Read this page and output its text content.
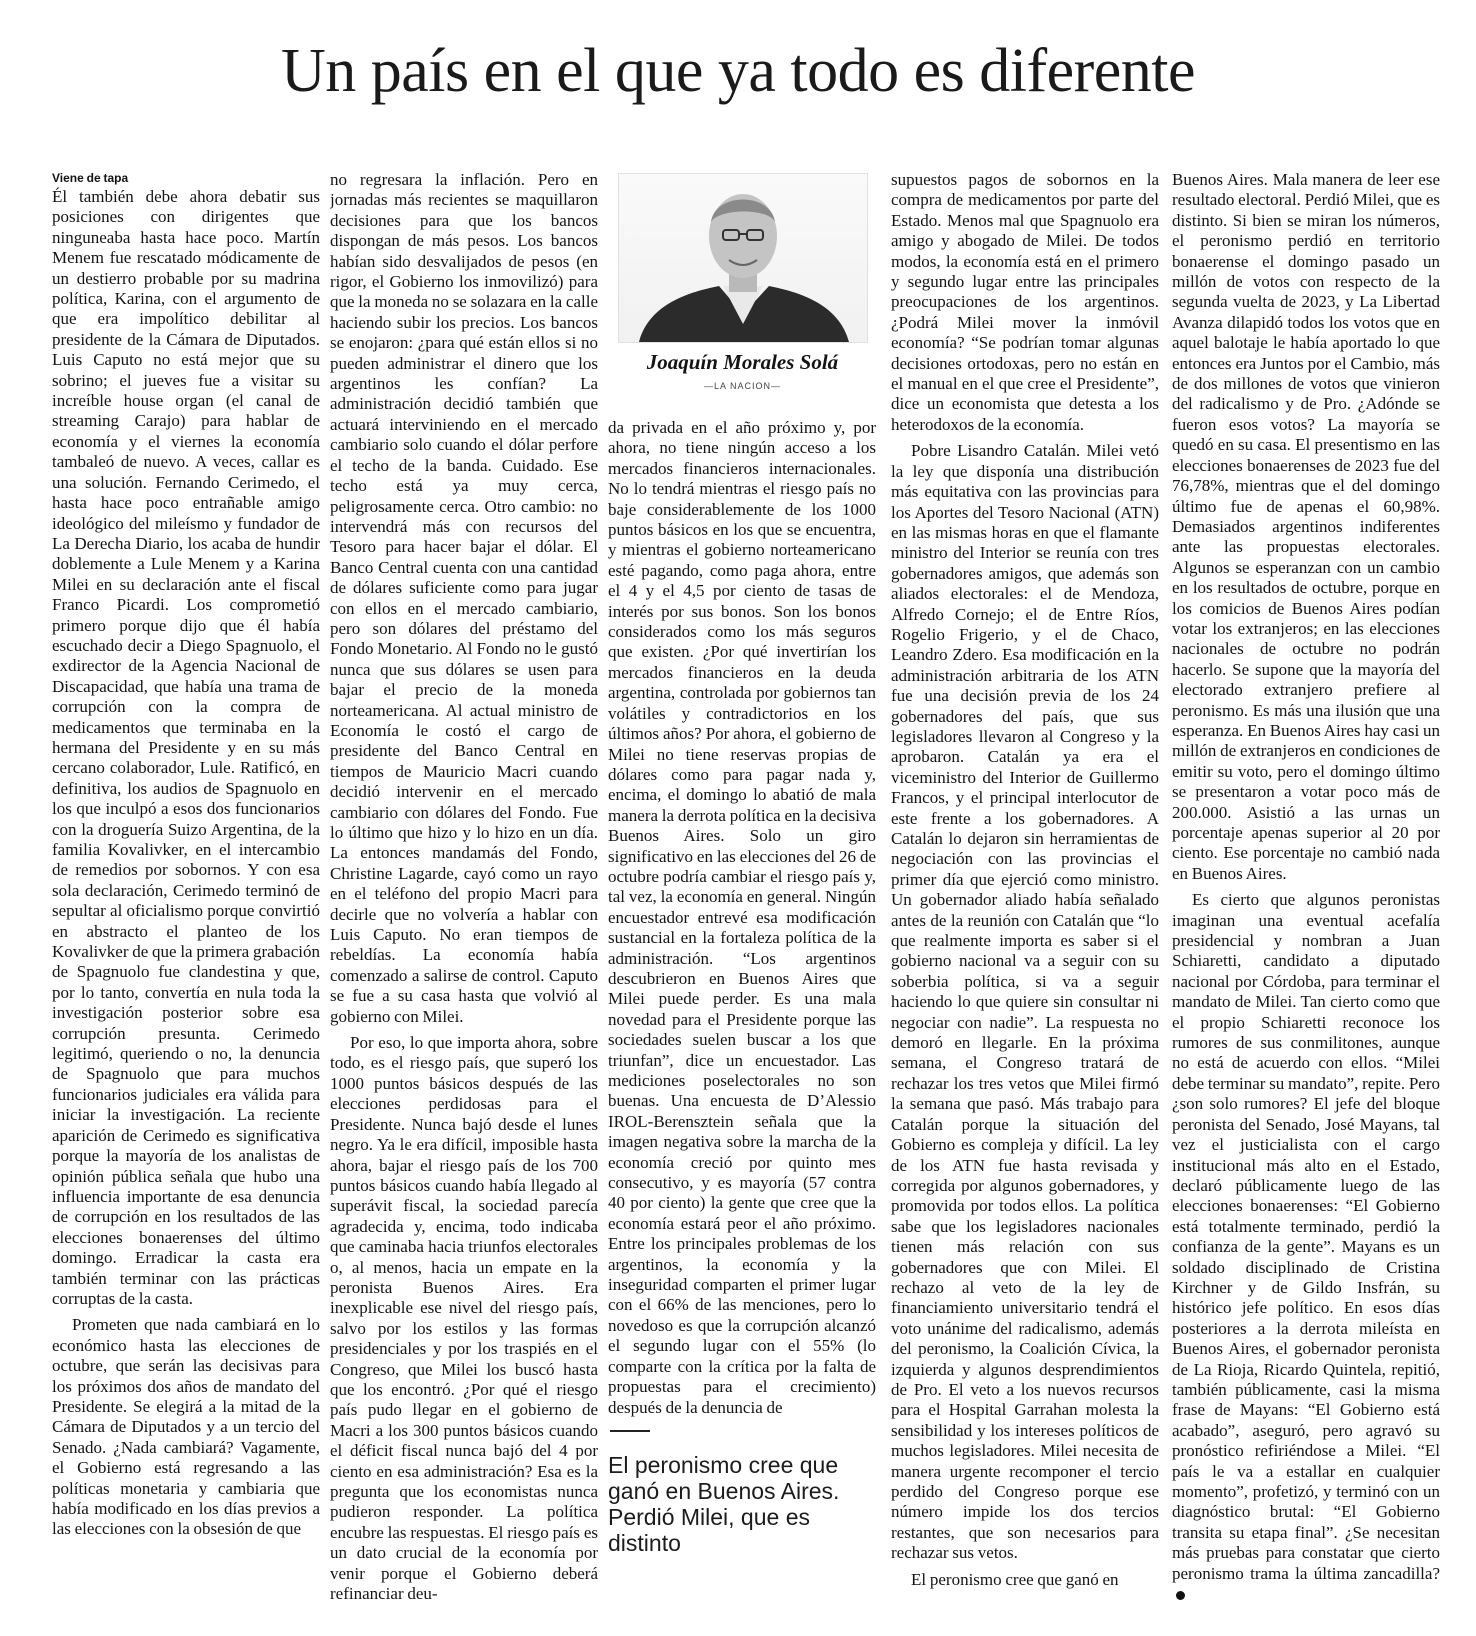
Un país en el que ya todo es diferente
Viene de tapa

Él también debe ahora debatir sus posiciones con dirigentes que ninguneaba hasta hace poco. Martín Menem fue rescatado módicamente de un destierro probable por su madrina política, Karina, con el argumento de que era impolítico debilitar al presidente de la Cámara de Diputados. Luis Caputo no está mejor que su sobrino; el jueves fue a visitar su increíble house organ (el canal de streaming Carajo) para hablar de economía y el viernes la economía tambaleó de nuevo. A veces, callar es una solución. Fernando Cerimedo, el hasta hace poco entrañable amigo ideológico del mileísmo y fundador de La Derecha Diario, los acaba de hundir doblemente a Lule Menem y a Karina Milei en su declaración ante el fiscal Franco Picardi. Los comprometió primero porque dijo que él había escuchado decir a Diego Spagnuolo, el exdirector de la Agencia Nacional de Discapacidad, que había una trama de corrupción con la compra de medicamentos que terminaba en la hermana del Presidente y en su más cercano colaborador, Lule. Ratificó, en definitiva, los audios de Spagnuolo en los que inculpó a esos dos funcionarios con la droguería Suizo Argentina, de la familia Kovalivker, en el intercambio de remedios por sobornos. Y con esa sola declaración, Cerimedo terminó de sepultar al oficialismo porque convirtió en abstracto el planteo de los Kovalivker de que la primera grabación de Spagnuolo fue clandestina y que, por lo tanto, convertía en nula toda la investigación posterior sobre esa corrupción presunta. Cerimedo legitimó, queriendo o no, la denuncia de Spagnuolo que para muchos funcionarios judiciales era válida para iniciar la investigación. La reciente aparición de Cerimedo es significativa porque la mayoría de los analistas de opinión pública señala que hubo una influencia importante de esa denuncia de corrupción en los resultados de las elecciones bonaerenses del último domingo. Erradicar la casta era también terminar con las prácticas corruptas de la casta.

Prometen que nada cambiará en lo económico hasta las elecciones de octubre, que serán las decisivas para los próximos dos años de mandato del Presidente. Se elegirá a la mitad de la Cámara de Diputados y a un tercio del Senado. ¿Nada cambiará? Vagamente, el Gobierno está regresando a las políticas monetaria y cambiaria que había modificado en los días previos a las elecciones con la obsesión de que

no regresara la inflación. Pero en jornadas más recientes se maquillaron decisiones para que los bancos dispongan de más pesos. Los bancos habían sido desvalijados de pesos (en rigor, el Gobierno los inmovilizó) para que la moneda no se solazara en la calle haciendo subir los precios. Los bancos se enojaron: ¿para qué están ellos si no pueden administrar el dinero que los argentinos les confían? La administración decidió también que actuará interviniendo en el mercado cambiario solo cuando el dólar perfore el techo de la banda. Cuidado. Ese techo está ya muy cerca, peligrosamente cerca. Otro cambio: no intervendrá más con recursos del Tesoro para hacer bajar el dólar. El Banco Central cuenta con una cantidad de dólares suficiente como para jugar con ellos en el mercado cambiario, pero son dólares del préstamo del Fondo Monetario. Al Fondo no le gustó nunca que sus dólares se usen para bajar el precio de la moneda norteamericana. Al actual ministro de Economía le costó el cargo de presidente del Banco Central en tiempos de Mauricio Macri cuando decidió intervenir en el mercado cambiario con dólares del Fondo. Fue lo último que hizo y lo hizo en un día. La entonces mandamás del Fondo, Christine Lagarde, cayó como un rayo en el teléfono del propio Macri para decirle que no volvería a hablar con Luis Caputo. No eran tiempos de rebeldías. La economía había comenzado a salirse de control. Caputo se fue a su casa hasta que volvió al gobierno con Milei.

Por eso, lo que importa ahora, sobre todo, es el riesgo país, que superó los 1000 puntos básicos después de las elecciones perdidosas para el Presidente. Nunca bajó desde el lunes negro. Ya le era difícil, imposible hasta ahora, bajar el riesgo país de los 700 puntos básicos cuando había llegado al superávit fiscal, la sociedad parecía agradecida y, encima, todo indicaba que caminaba hacia triunfos electorales o, al menos, hacia un empate en la peronista Buenos Aires. Era inexplicable ese nivel del riesgo país, salvo por los estilos y las formas presidenciales y por los traspiés en el Congreso, que Milei los buscó hasta que los encontró. ¿Por qué el riesgo país pudo llegar en el gobierno de Macri a los 300 puntos básicos cuando el déficit fiscal nunca bajó del 4 por ciento en esa administración? Esa es la pregunta que los economistas nunca pudieron responder. La política encubre las respuestas. El riesgo país es un dato crucial de la economía por venir porque el Gobierno deberá refinanciar deu-

Joaquín Morales Solá
—LA NACION—

da privada en el año próximo y, por ahora, no tiene ningún acceso a los mercados financieros internacionales. No lo tendrá mientras el riesgo país no baje considerablemente de los 1000 puntos básicos en los que se encuentra, y mientras el gobierno norteamericano esté pagando, como paga ahora, entre el 4 y el 4,5 por ciento de tasas de interés por sus bonos. Son los bonos considerados como los más seguros que existen. ¿Por qué invertirían los mercados financieros en la deuda argentina, controlada por gobiernos tan volátiles y contradictorios en los últimos años? Por ahora, el gobierno de Milei no tiene reservas propias de dólares como para pagar nada y, encima, el domingo lo abatió de mala manera la derrota política en la decisiva Buenos Aires. Solo un giro significativo en las elecciones del 26 de octubre podría cambiar el riesgo país y, tal vez, la economía en general. Ningún encuestador entrevé esa modificación sustancial en la fortaleza política de la administración. “Los argentinos descubrieron en Buenos Aires que Milei puede perder. Es una mala novedad para el Presidente porque las sociedades suelen buscar a los que triunfan”, dice un encuestador. Las mediciones poselectorales no son buenas. Una encuesta de D’Alessio IROL-Berensztein señala que la imagen negativa sobre la marcha de la economía creció por quinto mes consecutivo, y es mayoría (57 contra 40 por ciento) la gente que cree que la economía estará peor el año próximo. Entre los principales problemas de los argentinos, la economía y la inseguridad comparten el primer lugar con el 66% de las menciones, pero lo novedoso es que la corrupción alcanzó el segundo lugar con el 55% (lo comparte con la crítica por la falta de propuestas para el crecimiento) después de la denuncia de

El peronismo cree que ganó en Buenos Aires. Perdió Milei, que es distinto

supuestos pagos de sobornos en la compra de medicamentos por parte del Estado. Menos mal que Spagnuolo era amigo y abogado de Milei. De todos modos, la economía está en el primero y segundo lugar entre las principales preocupaciones de los argentinos. ¿Podrá Milei mover la inmóvil economía? “Se podrían tomar algunas decisiones ortodoxas, pero no están en el manual en el que cree el Presidente”, dice un economista que detesta a los heterodoxos de la economía.

Pobre Lisandro Catalán. Milei vetó la ley que disponía una distribución más equitativa con las provincias para los Aportes del Tesoro Nacional (ATN) en las mismas horas en que el flamante ministro del Interior se reunía con tres gobernadores amigos, que además son aliados electorales: el de Mendoza, Alfredo Cornejo; el de Entre Ríos, Rogelio Frigerio, y el de Chaco, Leandro Zdero. Esa modificación en la administración arbitraria de los ATN fue una decisión previa de los 24 gobernadores del país, que sus legisladores llevaron al Congreso y la aprobaron. Catalán ya era el viceministro del Interior de Guillermo Francos, y el principal interlocutor de este frente a los gobernadores. A Catalán lo dejaron sin herramientas de negociación con las provincias el primer día que ejerció como ministro. Un gobernador aliado había señalado antes de la reunión con Catalán que “lo que realmente importa es saber si el gobierno nacional va a seguir con su soberbia política, si va a seguir haciendo lo que quiere sin consultar ni negociar con nadie”. La respuesta no demoró en llegarle. En la próxima semana, el Congreso tratará de rechazar los tres vetos que Milei firmó la semana que pasó. Más trabajo para Catalán porque la situación del Gobierno es compleja y difícil. La ley de los ATN fue hasta revisada y corregida por algunos gobernadores, y promovida por todos ellos. La política sabe que los legisladores nacionales tienen más relación con sus gobernadores que con Milei. El rechazo al veto de la ley de financiamiento universitario tendrá el voto unánime del radicalismo, además del peronismo, la Coalición Cívica, la izquierda y algunos desprendimientos de Pro. El veto a los nuevos recursos para el Hospital Garrahan molesta la sensibilidad y los intereses políticos de muchos legisladores. Milei necesita de manera urgente recomponer el tercio perdido del Congreso porque ese número impide los dos tercios restantes, que son necesarios para rechazar sus vetos.

El peronismo cree que ganó en

Buenos Aires. Mala manera de leer ese resultado electoral. Perdió Milei, que es distinto. Si bien se miran los números, el peronismo perdió en territorio bonaerense el domingo pasado un millón de votos con respecto de la segunda vuelta de 2023, y La Libertad Avanza dilapidó todos los votos que en aquel balotaje le había aportado lo que entonces era Juntos por el Cambio, más de dos millones de votos que vinieron del radicalismo y de Pro. ¿Adónde se fueron esos votos? La mayoría se quedó en su casa. El presentismo en las elecciones bonaerenses de 2023 fue del 76,78%, mientras que el del domingo último fue de apenas el 60,98%. Demasiados argentinos indiferentes ante las propuestas electorales. Algunos se esperanzan con un cambio en los resultados de octubre, porque en los comicios de Buenos Aires podían votar los extranjeros; en las elecciones nacionales de octubre no podrán hacerlo. Se supone que la mayoría del electorado extranjero prefiere al peronismo. Es más una ilusión que una esperanza. En Buenos Aires hay casi un millón de extranjeros en condiciones de emitir su voto, pero el domingo último se presentaron a votar poco más de 200.000. Asistió a las urnas un porcentaje apenas superior al 20 por ciento. Ese porcentaje no cambió nada en Buenos Aires.

Es cierto que algunos peronistas imaginan una eventual acefalía presidencial y nombran a Juan Schiaretti, candidato a diputado nacional por Córdoba, para terminar el mandato de Milei. Tan cierto como que el propio Schiaretti reconoce los rumores de sus conmilitones, aunque no está de acuerdo con ellos. “Milei debe terminar su mandato”, repite. Pero ¿son solo rumores? El jefe del bloque peronista del Senado, José Mayans, tal vez el justicialista con el cargo institucional más alto en el Estado, declaró públicamente luego de las elecciones bonaerenses: “El Gobierno está totalmente terminado, perdió la confianza de la gente”. Mayans es un soldado disciplinado de Cristina Kirchner y de Gildo Insfrán, su histórico jefe político. En esos días posteriores a la derrota mileísta en Buenos Aires, el gobernador peronista de La Rioja, Ricardo Quintela, repitió, también públicamente, casi la misma frase de Mayans: “El Gobierno está acabado”, aseguró, pero agravó su pronóstico refiriéndose a Milei. “El país le va a estallar en cualquier momento”, profetizó, y terminó con un diagnóstico brutal: “El Gobierno transita su etapa final”. ¿Se necesitan más pruebas para constatar que cierto peronismo trama la última zancadilla?
